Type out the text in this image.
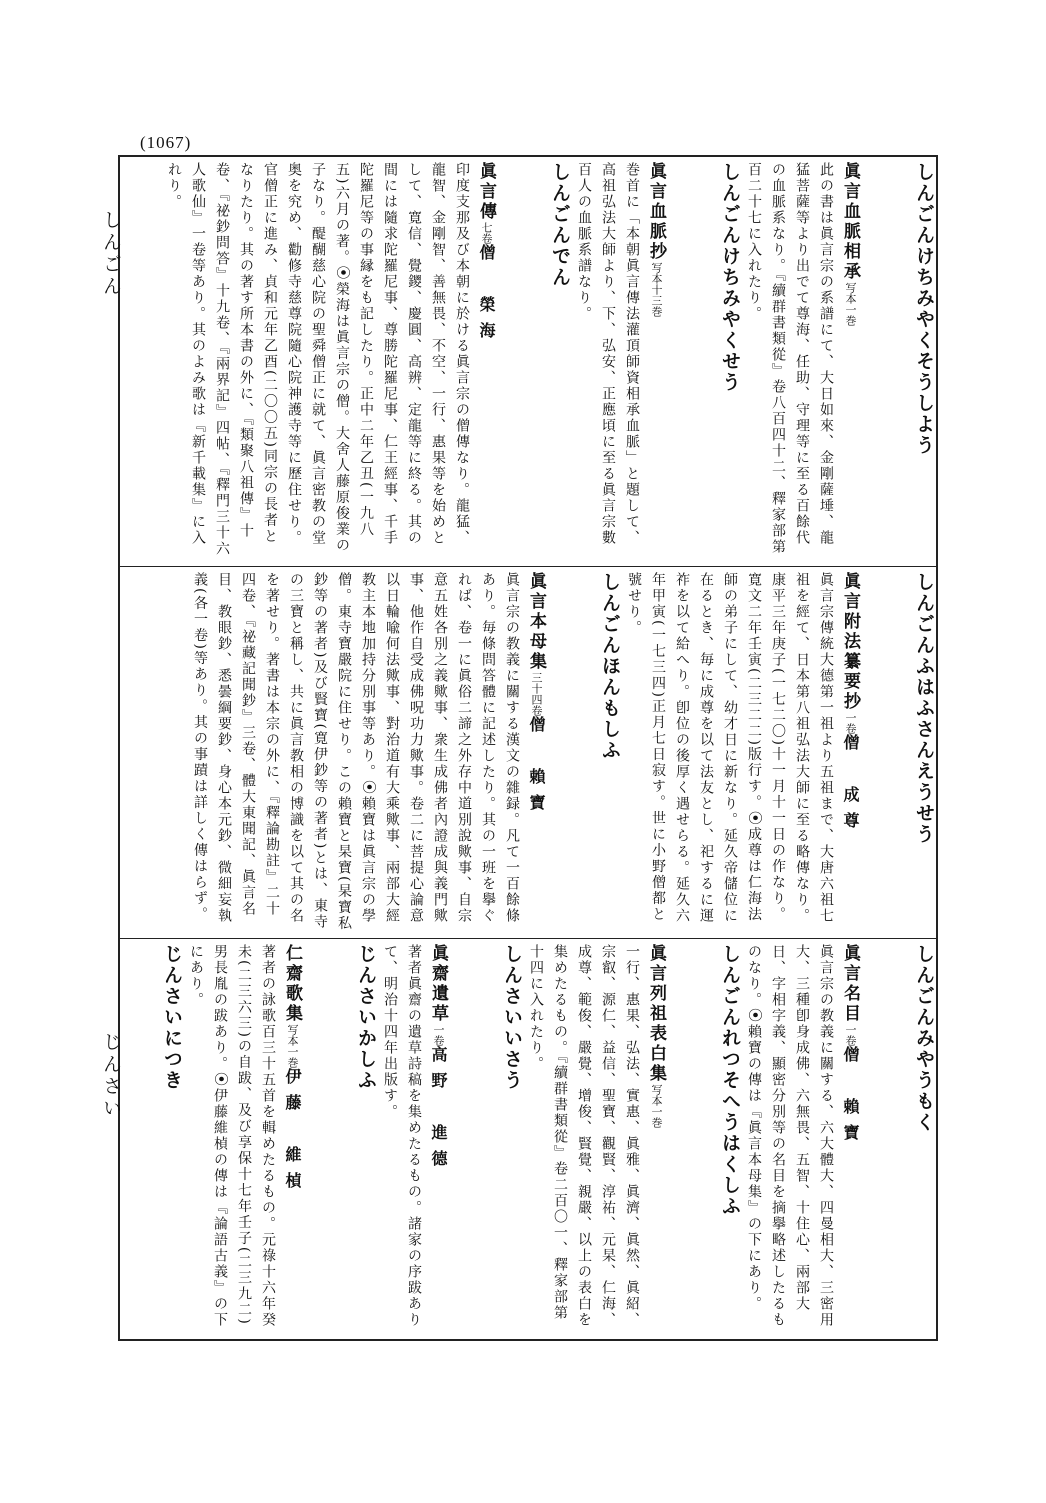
(1067)
しんごん
じんさい
しんごんけちみやくそうしよう
眞言血脈相承写本一巻
此の書は眞言宗の系譜にて、大日如來、金剛薩埵、龍猛菩薩等より出でて尊海、任助、守理等に至る百餘代の血脈系なり。『續群書類從』卷八百四十二、釋家部第百二十七に入れたり。
しんごんけちみやくせう
眞言血脈抄写本十三巻
巻首に「本朝眞言傳法灌頂師資相承血脈」と題して、高祖弘法大師より、下、弘安、正應頃に至る眞言宗數百人の血脈系譜なり。
しんごんでん
眞言傳七卷僧　榮海
印度支那及び本朝に於ける眞言宗の僧傳なり。龍猛、龍智、金剛智、善無畏、不空、一行、惠果等を始めとして、寛信、覺鑁、慶圓、高辨、定龍等に終る。其の間には隨求陀羅尼事、尊勝陀羅尼事、仁王經事、千手陀羅尼等の事縁をも記したり。正中二年乙丑(一九八五)六月の著。⦿榮海は眞言宗の僧。大舍人藤原俊業の子なり。醍醐慈心院の聖舜僧正に就て、眞言密教の堂奥を究め、勸修寺慈尊院隨心院神護寺等に歷住せり。官僧正に進み、貞和元年乙酉(二〇〇五)同宗の長者となりたり。其の著す所本書の外に、『類聚八祖傳』十卷、『祕鈔問答』十九卷、『兩界記』四帖、『釋門三十六人歌仙』一卷等あり。其のよみ歌は『新千載集』に入れり。
しんごんふはふさんえうせう
眞言附法纂要抄一卷僧　成尊
眞言宗傳統大德第一祖より五祖まで、大唐六祖七祖を經て、日本第八祖弘法大師に至る略傳なり。康平三年庚子(一七二〇)十一月十一日の作なり。寛文二年壬寅(二三二二)版行す。⦿成尊は仁海法師の弟子にして、幼才日に新なり。延久帝儲位に在るとき、毎に成尊を以て法友とし、祀するに運祚を以て給へり。卽位の後厚く遇せらる。延久六年甲寅(一七三四)正月七日寂す。世に小野僧都と號せり。
しんごんほんもしふ
眞言本母集三十四卷僧　賴寶
眞言宗の教義に關する漢文の雜録。凡て一百餘條あり。毎條問答體に記述したり。其の一班を擧ぐれば、卷一に眞俗二諦之外存中道別說歟事、自宗意五姓各別之義歟事、衆生成佛者內證成與義門歟事、他作自受成佛呪功力歟事。卷二に菩提心論意以日輪喩何法歟事、對治道有大乘歟事、兩部大經教主本地加持分別事等あり。⦿賴寶は眞言宗の學僧。東寺寶嚴院に住せり。この賴寶と杲寶(杲寶私鈔等の著者)及び賢寶(寛伊鈔等の著者)とは、東寺の三寶と稱し、共に眞言教相の博識を以て其の名を著せり。著書は本宗の外に、『釋論勘註』二十四卷、『祕藏記聞鈔』三卷、體大東聞記、眞言名目、教眼鈔、悉曇綱要鈔、身心本元鈔、微細妄執義(各一卷)等あり。其の事蹟は詳しく傳はらず。
しんごんみやうもく
眞言名目一卷僧　賴寶
眞言宗の教義に關する、六大體大、四曼相大、三密用大、三種卽身成佛、六無畏、五智、十住心、兩部大日、字相字義、顯密分別等の名目を摘擧略述したるものなり。⦿賴寶の傳は『眞言本母集』の下にあり。
しんごんれつそへうはくしふ
眞言列祖表白集写本一巻
一行、惠果、弘法、實惠、眞雅、眞濟、眞然、眞紹、宗叡、源仁、益信、聖寶、觀賢、淳祐、元杲、仁海、成尊、範俊、嚴覺、增俊、賢覺、親嚴、以上の表白を集めたるもの。『續群書類從』卷二百〇一、釋家部第十四に入れたり。
しんさいいさう
眞齋遺草一卷高野　進德
著者眞齋の遺草詩稿を集めたるもの。諸家の序跋ありて、明治十四年出版す。
じんさいかしふ
仁齋歌集写本一巻伊藤　維楨
著者の詠歌百三十五首を輯めたるもの。元祿十六年癸未(二三六三)の自跋、及び享保十七年壬子(二三九二)男長胤の跋あり。⦿伊藤維楨の傳は『論語古義』の下にあり。
じんさいにつき
